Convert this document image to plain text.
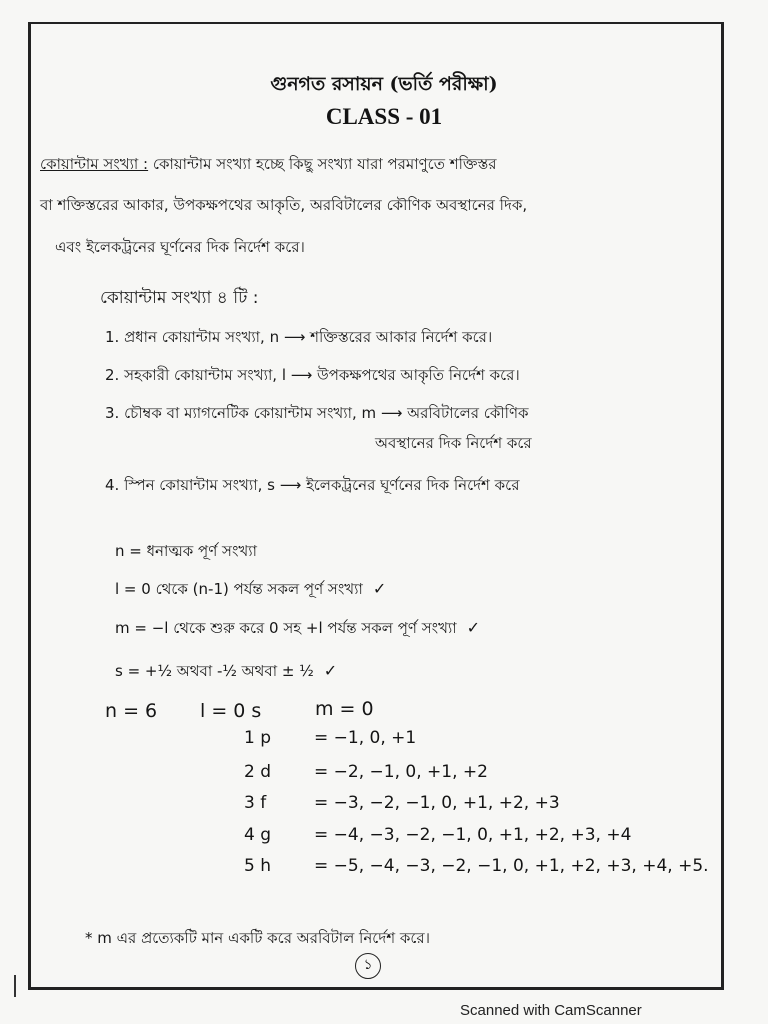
গুনগত রসায়ন (ভর্তি পরীক্ষা)
CLASS - 01
কোয়ান্টাম সংখ্যা : কোয়ান্টাম সংখ্যা হচ্ছে কিছু সংখ্যা যারা পরমাণুতে শক্তিস্তর
বা শক্তিস্তরের আকার, উপকক্ষপথের আকৃতি, অরবিটালের কৌণিক অবস্থানের দিক,
এবং ইলেকট্রনের ঘূর্ণনের দিক নির্দেশ করে।
কোয়ান্টাম সংখ্যা ৪ টি :
1. প্রধান কোয়ান্টাম সংখ্যা, n ⟶ শক্তিস্তরের আকার নির্দেশ করে।
2. সহকারী কোয়ান্টাম সংখ্যা, l ⟶ উপকক্ষপথের আকৃতি নির্দেশ করে।
3. চৌম্বক বা ম্যাগনেটিক কোয়ান্টাম সংখ্যা, m ⟶ অরবিটালের কৌণিক
অবস্থানের দিক নির্দেশ করে
4. স্পিন কোয়ান্টাম সংখ্যা, s ⟶ ইলেকট্রনের ঘূর্ণনের দিক নির্দেশ করে
n = ধনাত্মক পূর্ণ সংখ্যা
l = 0 থেকে (n-1) পর্যন্ত সকল পূর্ণ সংখ্যা ✓
m = −l থেকে শুরু করে 0 সহ +l পর্যন্ত সকল পূর্ণ সংখ্যা ✓
s = +½ অথবা -½ অথবা ± ½ ✓
n = 6 l = 0 s	m = 0
1 p	= −1, 0, +1
2 d	= −2, −1, 0, +1, +2
3 f	= −3, −2, −1, 0, +1, +2, +3
4 g	= −4, −3, −2, −1, 0, +1, +2, +3, +4
5 h	= −5, −4, −3, −2, −1, 0, +1, +2, +3, +4, +5.
* m এর প্রত্যেকটি মান একটি করে অরবিটাল নির্দেশ করে।
১
Scanned with CamScanner
